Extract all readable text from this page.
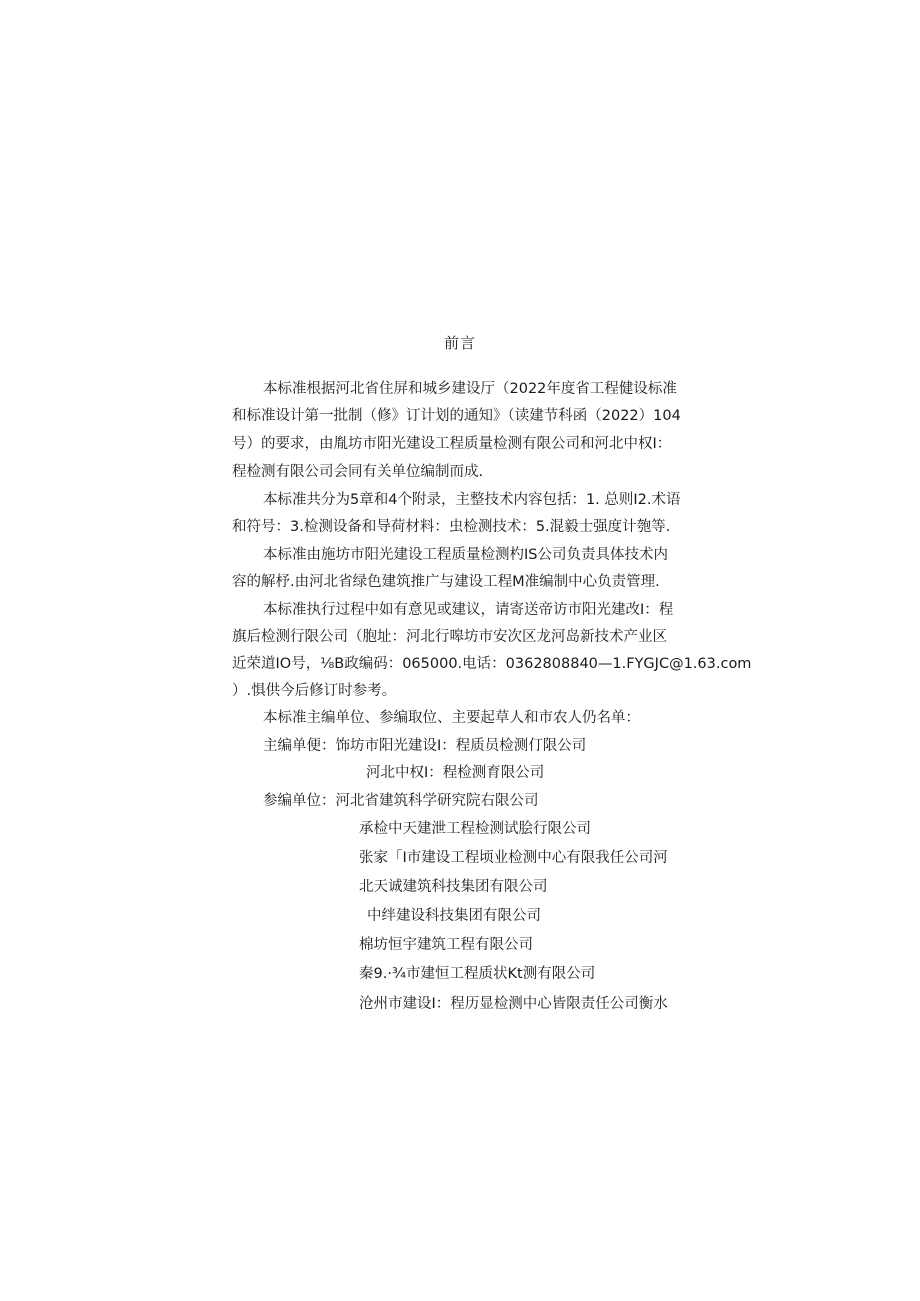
前言
本标准根据河北省住屏和城乡建设厅（2022年度省工程健设标准
和标准设计第一批制（修》订计划的通知》（读建节科函（2022）104
号）的要求，由胤坊市阳光建设工程质量检测有限公司和河北中权I：
程检测有限公司会同有关单位编制而成.
本标准共分为5章和4个附录，主整技术内容包括：1. 总则I2.术语
和符号：3.检测设备和导荷材料：虫检测技术：5.混毅士强度计匏等.
本标准由施坊市阳光建设工程质量检测杓IS公司负责具体技术内
容的解杼.由河北省绿色建筑推广与建设工程M准编制中心负责管理.
本标准执行过程中如有意见或建议，请寄送帝访市阳光建改I：程
旗后检测行限公司（胞址：河北行嗥坊市安次区龙河岛新技术产业区
近荣道IO号，⅛B政编码：065000.电话：0362808840—1.FYGJC@1.63.com
）.惧供今后修订时参考。
本标准主编单位、参编取位、主要起草人和市农人仍名单：
主编单便：饰坊市阳光建设I：程质员检测仃限公司
河北中权I：程检测育限公司
参编单位：河北省建筑科学研究院右限公司
承检中天建泄工程检测试脍行限公司
张家「I市建设工程顷业检测中心有限我任公司河
北天诚建筑科技集团有限公司
中绊建设科技集团有限公司
棉坊恒宇建筑工程有限公司
秦9.·¾市建恒工程质状Kt测有限公司
沧州市建设I：程历显检测中心皆限责任公司衡水
